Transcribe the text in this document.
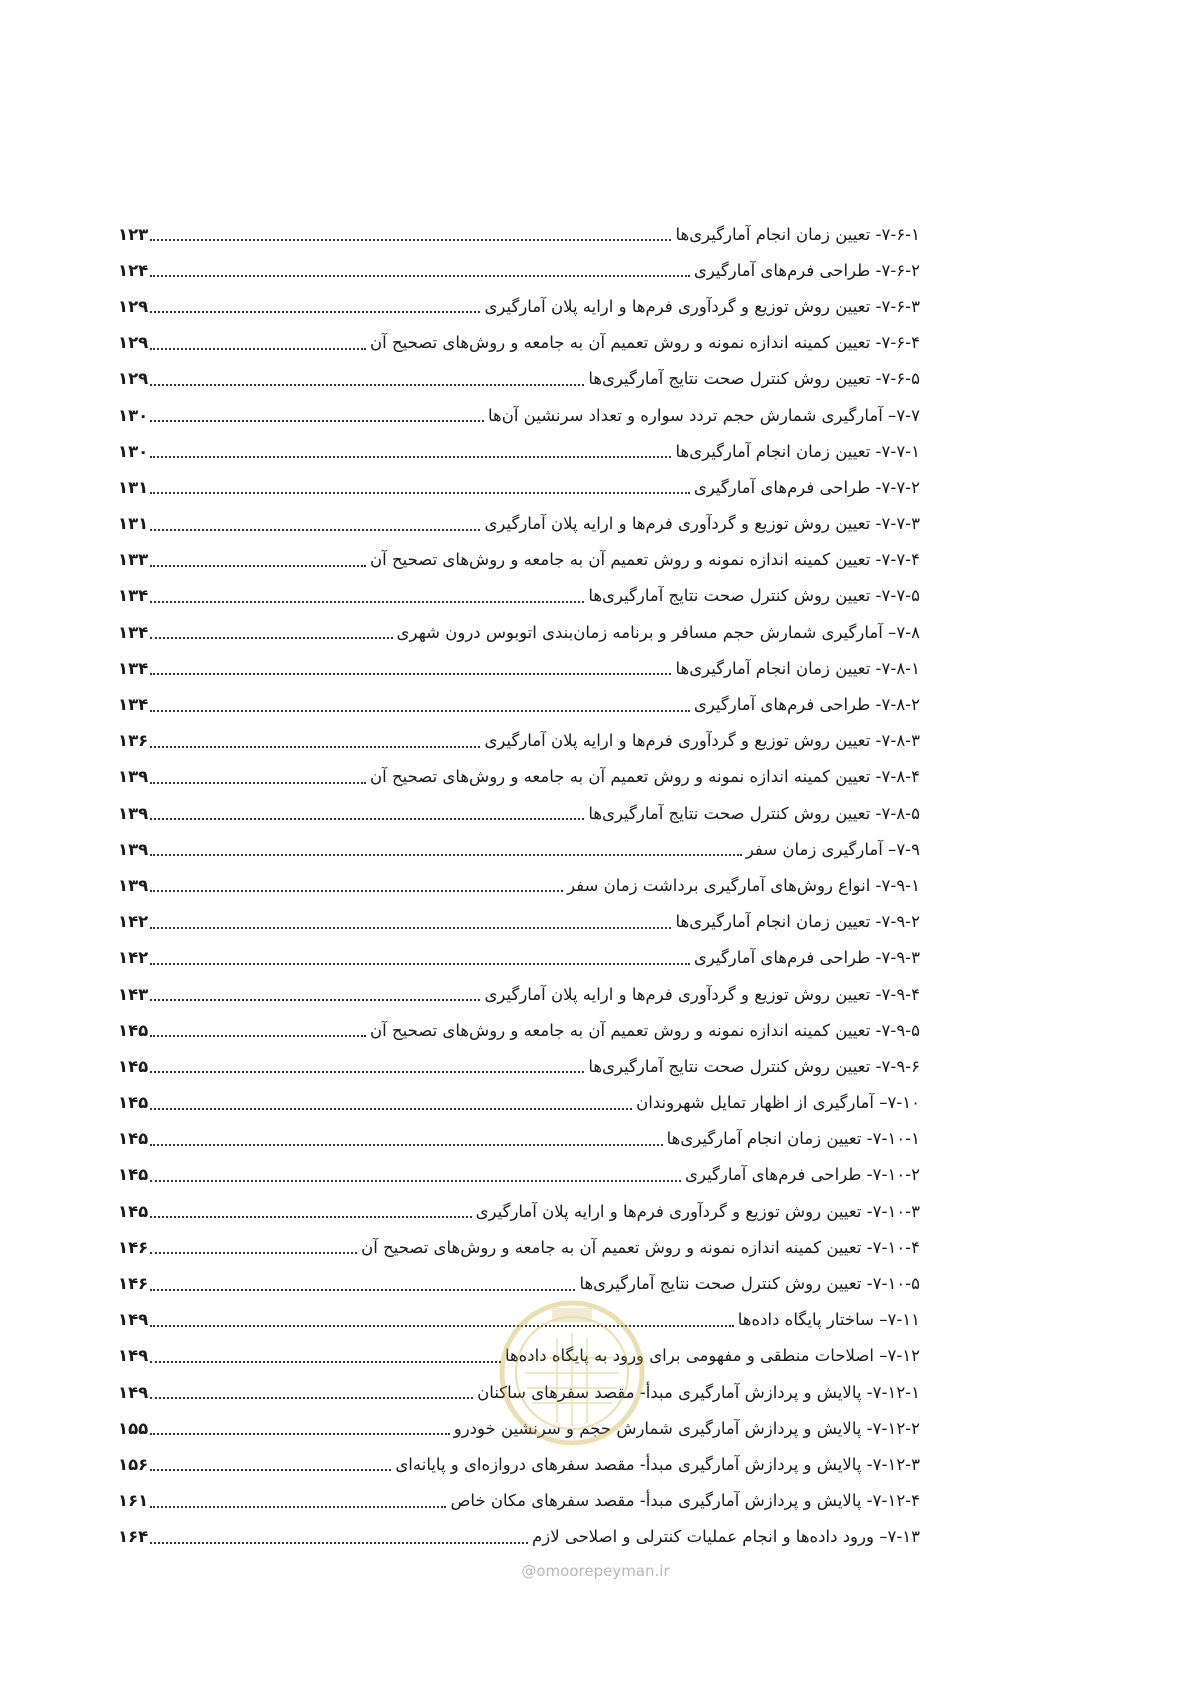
۷-۶-۱- تعیین زمان انجام آمارگیری‌ها
۱۲۳
۷-۶-۲- طراحی فرم‌های آمارگیری
۱۲۴
۷-۶-۳- تعیین روش توزیع و گردآوری فرم‌ها و ارایه پلان آمارگیری
۱۲۹
۷-۶-۴- تعیین کمینه اندازه نمونه و روش تعمیم آن به جامعه و روش‌های تصحیح آن
۱۲۹
۷-۶-۵- تعیین روش کنترل صحت نتایج آمارگیری‌ها
۱۲۹
۷-۷– آمارگیری شمارش حجم تردد سواره و تعداد سرنشین آن‌ها
۱۳۰
۷-۷-۱- تعیین زمان انجام آمارگیری‌ها
۱۳۰
۷-۷-۲- طراحی فرم‌های آمارگیری
۱۳۱
۷-۷-۳- تعیین روش توزیع و گردآوری فرم‌ها و ارایه پلان آمارگیری
۱۳۱
۷-۷-۴- تعیین کمینه اندازه نمونه و روش تعمیم آن به جامعه و روش‌های تصحیح آن
۱۳۳
۷-۷-۵- تعیین روش کنترل صحت نتایج آمارگیری‌ها
۱۳۴
۷-۸– آمارگیری شمارش حجم مسافر و برنامه زمان‌بندی اتوبوس درون شهری
۱۳۴
۷-۸-۱- تعیین زمان انجام آمارگیری‌ها
۱۳۴
۷-۸-۲- طراحی فرم‌های آمارگیری
۱۳۴
۷-۸-۳- تعیین روش توزیع و گردآوری فرم‌ها و ارایه پلان آمارگیری
۱۳۶
۷-۸-۴- تعیین کمینه اندازه نمونه و روش تعمیم آن به جامعه و روش‌های تصحیح آن
۱۳۹
۷-۸-۵- تعیین روش کنترل صحت نتایج آمارگیری‌ها
۱۳۹
۷-۹– آمارگیری زمان سفر
۱۳۹
۷-۹-۱- انواع روش‌های آمارگیری برداشت زمان سفر
۱۳۹
۷-۹-۲- تعیین زمان انجام آمارگیری‌ها
۱۴۲
۷-۹-۳- طراحی فرم‌های آمارگیری
۱۴۲
۷-۹-۴- تعیین روش توزیع و گردآوری فرم‌ها و ارایه پلان آمارگیری
۱۴۳
۷-۹-۵- تعیین کمینه اندازه نمونه و روش تعمیم آن به جامعه و روش‌های تصحیح آن
۱۴۵
۷-۹-۶- تعیین روش کنترل صحت نتایج آمارگیری‌ها
۱۴۵
۷-۱۰– آمارگیری از اظهار تمایل شهروندان
۱۴۵
۷-۱۰-۱- تعیین زمان انجام آمارگیری‌ها
۱۴۵
۷-۱۰-۲- طراحی فرم‌های آمارگیری
۱۴۵
۷-۱۰-۳- تعیین روش توزیع و گردآوری فرم‌ها و ارایه پلان آمارگیری
۱۴۵
۷-۱۰-۴- تعیین کمینه اندازه نمونه و روش تعمیم آن به جامعه و روش‌های تصحیح آن
۱۴۶
۷-۱۰-۵- تعیین روش کنترل صحت نتایج آمارگیری‌ها
۱۴۶
۷-۱۱– ساختار پایگاه داده‌ها
۱۴۹
۷-۱۲– اصلاحات منطقی و مفهومی برای ورود به پایگاه داده‌ها
۱۴۹
۷-۱۲-۱- پالایش و پردازش آمارگیری مبدأ- مقصد سفرهای ساکنان
۱۴۹
۷-۱۲-۲- پالایش و پردازش آمارگیری شمارش حجم و سرنشین خودرو
۱۵۵
۷-۱۲-۳- پالایش و پردازش آمارگیری مبدأ- مقصد سفرهای دروازه‌ای و پایانه‌ای
۱۵۶
۷-۱۲-۴- پالایش و پردازش آمارگیری مبدأ- مقصد سفرهای مکان خاص
۱۶۱
۷-۱۳– ورود داده‌ها و انجام عملیات کنترلی و اصلاحی لازم
۱۶۴
@omoorepeyman.ir
